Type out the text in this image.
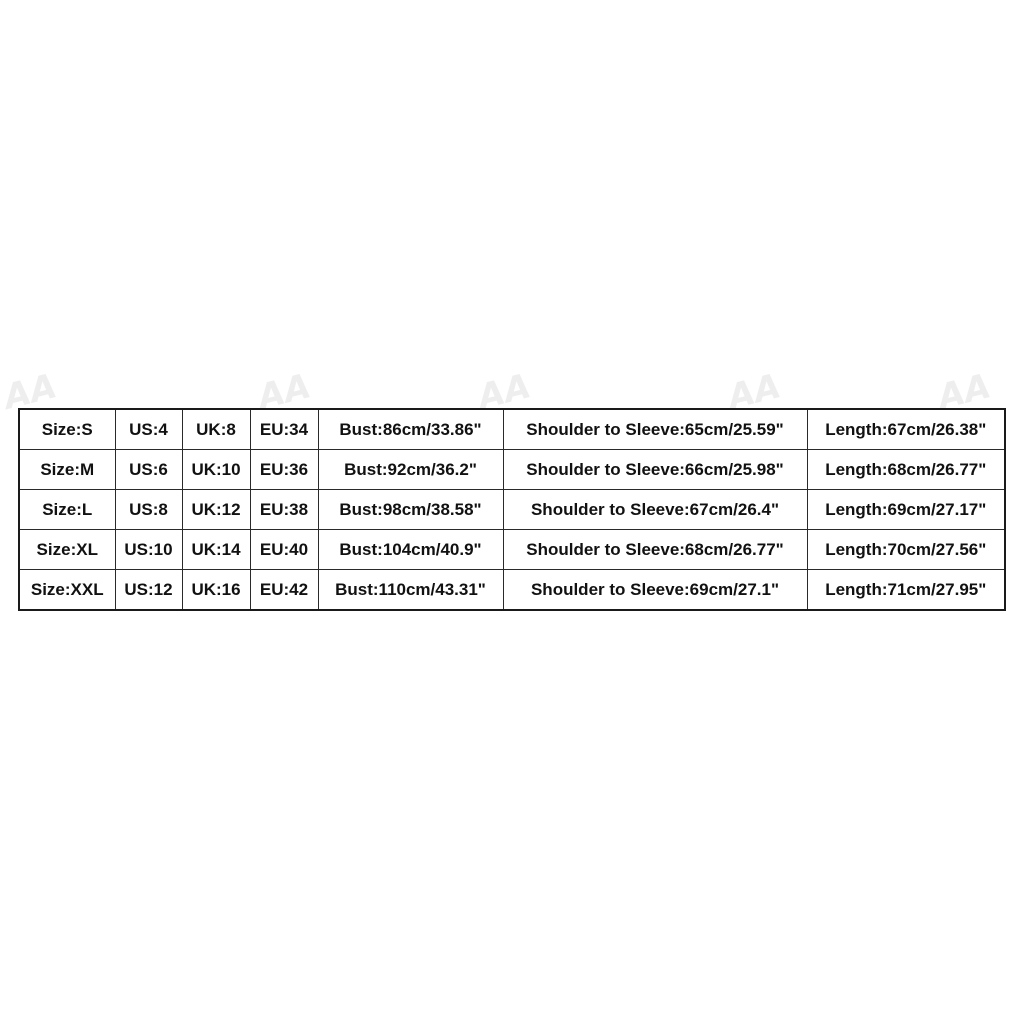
AA	AA	AA	AA	AA
Size:S	US:4	UK:8	EU:34	Bust:86cm/33.86"	Shoulder to Sleeve:65cm/25.59"	Length:67cm/26.38"
Size:M	US:6	UK:10	EU:36	Bust:92cm/36.2"	Shoulder to Sleeve:66cm/25.98"	Length:68cm/26.77"
Size:L	US:8	UK:12	EU:38	Bust:98cm/38.58"	Shoulder to Sleeve:67cm/26.4"	Length:69cm/27.17"
Size:XL	US:10	UK:14	EU:40	Bust:104cm/40.9"	Shoulder to Sleeve:68cm/26.77"	Length:70cm/27.56"
Size:XXL	US:12	UK:16	EU:42	Bust:110cm/43.31"	Shoulder to Sleeve:69cm/27.1"	Length:71cm/27.95"
